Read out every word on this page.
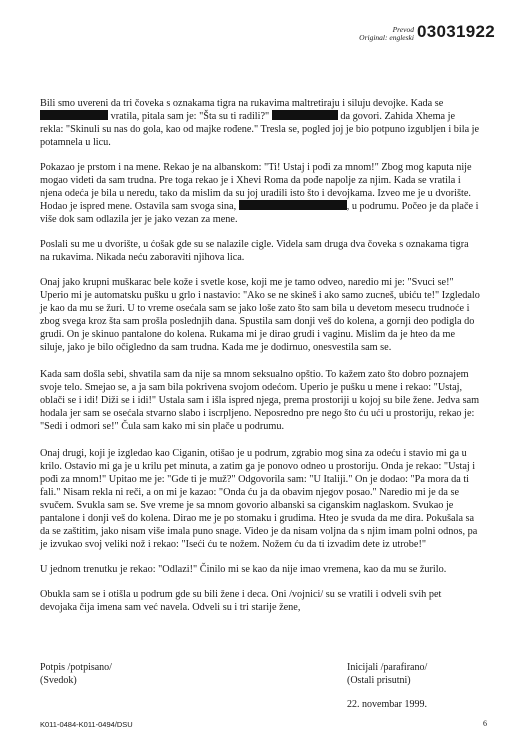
Prevod
Original: engleski 03031922

Bili smo uvereni da tri čoveka s oznakama tigra na rukavima maltretiraju i siluju devojke. Kada se  vratila, pitala sam je: "Šta su ti radili?"	da govori. Zahida Xhema je rekla: "Skinuli su nas do gola, kao od majke rođene." Tresla se, pogled joj je bio potpuno izgubljen i bila je potamnela u licu.

Pokazao je prstom i na mene. Rekao je na albanskom: "Ti! Ustaj i pođi za mnom!" Zbog mog kaputa nije mogao videti da sam trudna. Pre toga rekao je i Xhevi Roma da pođe napolje za njim. Kada se vratila i njena odeća je bila u neredu, tako da mislim da su joj uradili isto što i devojkama. Izveo me je u dvorište. Hodao je ispred mene. Ostavila sam svoga sina,	, u podrumu. Počeo je da plače i više dok sam odlazila jer je jako vezan za mene.

Poslali su me u dvorište, u ćošak gde su se nalazile cigle. Videla sam druga dva čoveka s oznakama tigra na rukavima. Nikada neću zaboraviti njihova lica.

Onaj jako krupni muškarac bele kože i svetle kose, koji me je tamo odveo, naredio mi je: "Svuci se!" Uperio mi je automatsku pušku u grlo i nastavio: "Ako se ne skineš i ako samo zucneš, ubiću te!" Izgledalo je kao da mu se žuri. U to vreme osećala sam se jako loše zato što sam bila u devetom mesecu trudnoće i zbog svega kroz šta sam prošla poslednjih dana. Spustila sam donji veš do kolena, a gornji deo podigla do grudi. On je skinuo pantalone do kolena. Rukama mi je dirao grudi i vaginu. Mislim da je hteo da me siluje, jako je bilo očigledno da sam trudna. Kada me je dodirnuo, onesvestila sam se.

Kada sam došla sebi, shvatila sam da nije sa mnom seksualno opštio. To kažem zato što dobro poznajem svoje telo. Smejao se, a ja sam bila pokrivena svojom odećom. Uperio je pušku u mene i rekao: "Ustaj, oblači se i idi! Diži se i idi!" Ustala sam i išla ispred njega, prema prostoriji u kojoj su bile žene. Jedva sam hodala jer sam se osećala stvarno slabo i iscrpljeno. Neposredno pre nego što ću ući u prostoriju, rekao je: "Sedi i odmori se!" Čula sam kako mi sin plače u podrumu.

Onaj drugi, koji je izgledao kao Ciganin, otišao je u podrum, zgrabio mog sina za odeću i stavio mi ga u krilo. Ostavio mi ga je u krilu pet minuta, a zatim ga je ponovo odneo u prostoriju. Onda je rekao: "Ustaj i pođi za mnom!" Upitao me je: "Gde ti je muž?" Odgovorila sam: "U Italiji." On je dodao: "Pa mora da ti fali." Nisam rekla ni reči, a on mi je kazao: "Onda ću ja da obavim njegov posao." Naredio mi je da se svučem. Svukla sam se. Sve vreme je sa mnom govorio albanski sa ciganskim naglaskom. Svukao je pantalone i donji veš do kolena. Dirao me je po stomaku i grudima. Hteo je svuda da me dira. Pokušala sa da se zaštitim, jako nisam više imala puno snage. Video je da nisam voljna da s njim imam polni odnos, pa je izvukao svoj veliki nož i rekao: "Iseći ću te nožem. Nožem ću da ti izvadim dete iz utrobe!"

U jednom trenutku je rekao: "Odlazi!" Činilo mi se kao da nije imao vremena, kao da mu se žurilo.

Obukla sam se i otišla u podrum gde su bili žene i deca. Oni /vojnici/ su se vratili i odveli svih pet devojaka čija imena sam već navela. Odveli su i tri starije žene,

Potpis /potpisano/
(Svedok)
Inicijali /parafirano/
(Ostali prisutni)
22. novembar 1999.
K011-0484-K011-0494/DSU	6
